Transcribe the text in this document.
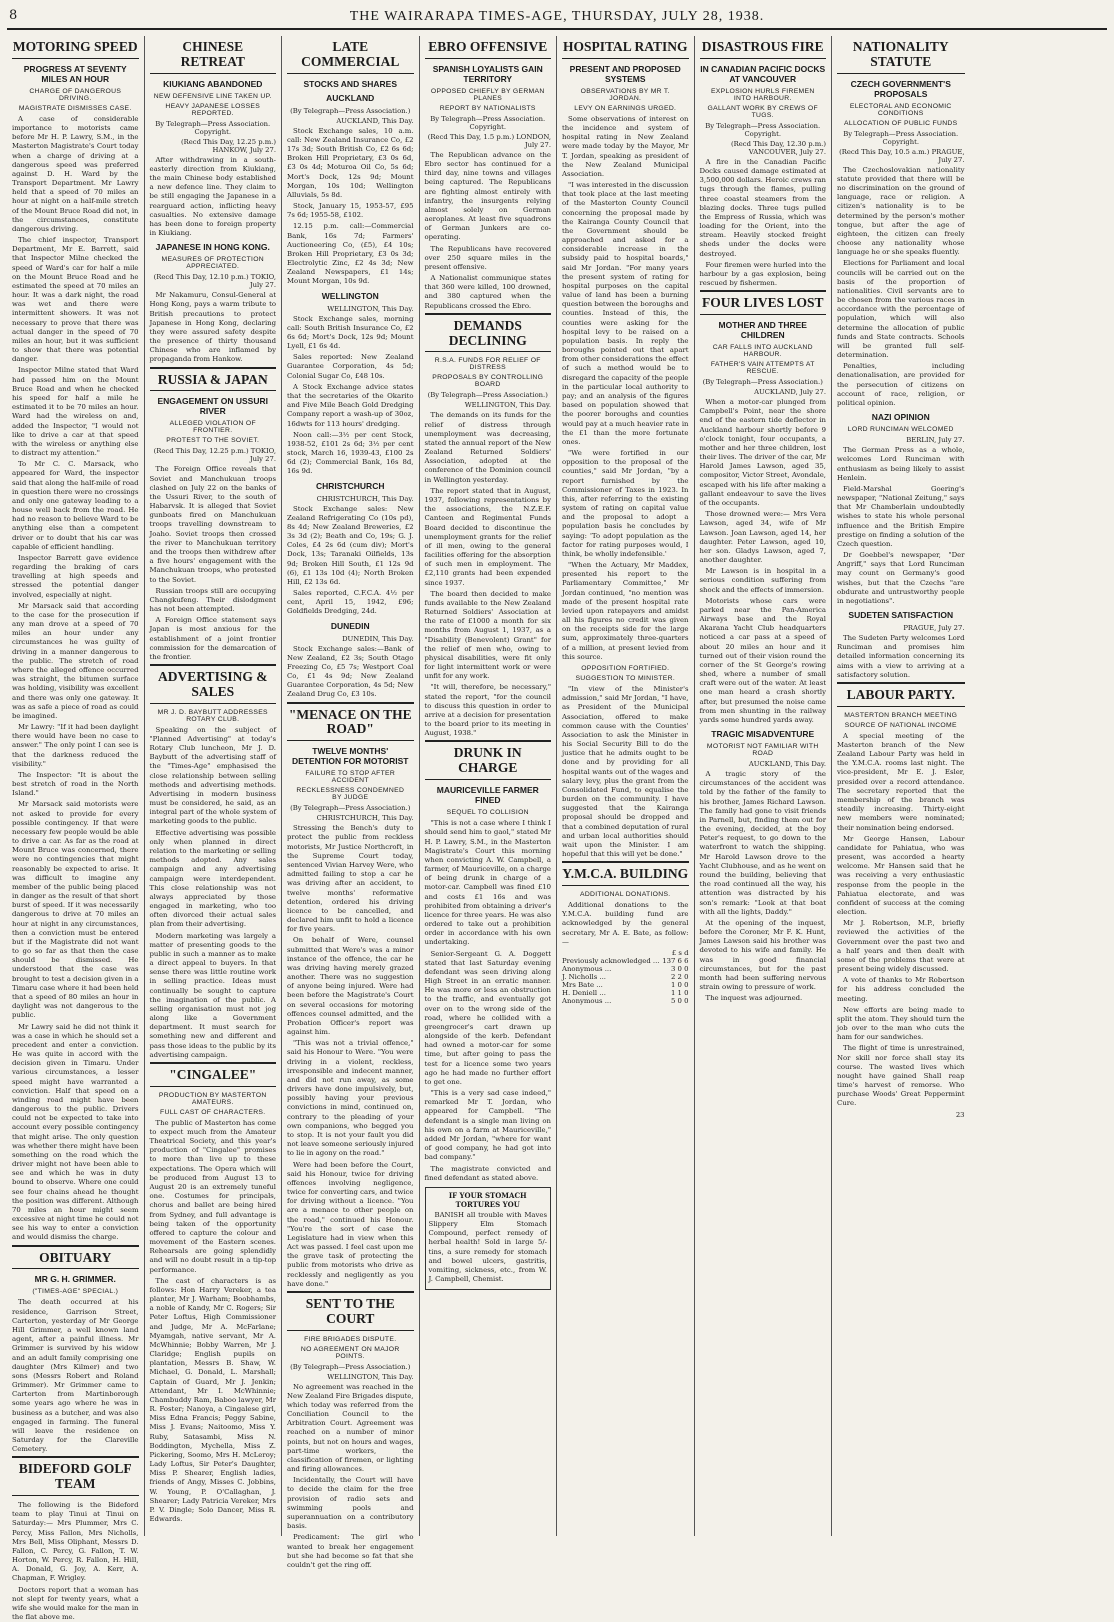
8	THE WAIRARAPA TIMES-AGE, THURSDAY, JULY 28, 1938.
MOTORING SPEED
PROGRESS AT SEVENTY MILES AN HOUR
CHARGE OF DANGEROUS DRIVING.
MAGISTRATE DISMISSES CASE.

A case of considerable importance to motorists came before Mr H. P. Lawry, S.M., in the Masterton Magistrate's Court today when a charge of driving at a dangerous speed was preferred against D. H. Ward by the Transport Department. Mr Lawry held that a speed of 70 miles an hour at night on a half-mile stretch of the Mount Bruce Road did not, in the circumstances, constitute dangerous driving.

The chief inspector, Transport Department, Mr E. Barrett, said that Inspector Milne checked the speed of Ward's car for half a mile on the Mount Bruce Road and he estimated the speed at 70 miles an hour. It was a dark night, the road was wet and there were intermittent showers. It was not necessary to prove that there was actual danger in the speed of 70 miles an hour, but it was sufficient to show that there was potential danger.

Inspector Milne stated that Ward had passed him on the Mount Bruce Road and when he checked his speed for half a mile he estimated it to be 70 miles an hour. Ward had the wireless on and, added the Inspector, "I would not like to drive a car at that speed with the wireless or anything else to distract my attention."

To Mr C. C. Marsack, who appeared for Ward, the inspector said that along the half-mile of road in question there were no crossings and only one gateway leading to a house well back from the road. He had no reason to believe Ward to be anything else than a competent driver or to doubt that his car was capable of efficient handling.

Inspector Barrett gave evidence regarding the braking of cars travelling at high speeds and stressed the potential danger involved, especially at night.

Mr Marsack said that according to the case for the prosecution if any man drove at a speed of 70 miles an hour under any circumstances he was guilty of driving in a manner dangerous to the public. The stretch of road where the alleged offence occurred was straight, the bitumen surface was holding, visibility was excellent and there was only one gateway. It was as safe a piece of road as could be imagined.

Mr Lawry: "If it had been daylight there would have been no case to answer." The only point I can see is that the darkness reduced the visibility."

The Inspector: "It is about the best stretch of road in the North Island."

Mr Marsack said motorists were not asked to provide for every possible contingency. If that were necessary few people would be able to drive a car. As far as the road at Mount Bruce was concerned, there were no contingencies that might reasonably be expected to arise. It was difficult to imagine any member of the public being placed in danger as the result of that short burst of speed. If it was necessarily dangerous to drive at 70 miles an hour at night in any circumstances, then a conviction must be entered but if the Magistrate did not want to go so far as that then the case should be dismissed. He understood that the case was brought to test a decision given in a Timaru case where it had been held that a speed of 80 miles an hour in daylight was not dangerous to the public.

Mr Lawry said he did not think it was a case in which he should set a precedent and enter a conviction. He was quite in accord with the decision given in Timaru. Under various circumstances, a lesser speed might have warranted a conviction. Half that speed on a winding road might have been dangerous to the public. Drivers could not be expected to take into account every possible contingency that might arise. The only question was whether there might have been something on the road which the driver might not have been able to see and which he was in duty bound to observe. Where one could see four chains ahead he thought the position was different. Although 70 miles an hour might seem excessive at night time he could not see his way to enter a conviction and would dismiss the charge.

OBITUARY
MR G. H. GRIMMER.
("TIMES-AGE" SPECIAL.)

The death occurred at his residence, Garrison Street, Carterton, yesterday of Mr George Hill Grimmer, a well known land agent, after a painful illness. Mr Grimmer is survived by his widow and an adult family comprising one daughter (Mrs Kilmer) and two sons (Messrs Robert and Roland Grimmer). Mr Grimmer came to Carterton from Martinborough some years ago where he was in business as a butcher, and was also engaged in farming. The funeral will leave the residence on Saturday for the Clareville Cemetery.

BIDEFORD GOLF TEAM

The following is the Bideford team to play Tinui at Tinui on Saturday:— Mrs Plummer, Mrs C. Percy, Miss Fallon, Mrs Nicholls, Mrs Bell, Miss Oliphant, Messrs D. Fallon, C. Percy, G. Fallon, T. W. Horton, W. Percy, R. Fallon, H. Hill, A. Donald, G. Joy, A. Kerr, A. Chapman, F. Wrigley.

Doctors report that a woman has not slept for twenty years, what a wife she would make for the man in the flat above me.

CHINESE RETREAT
KIUKIANG ABANDONED
NEW DEFENSIVE LINE TAKEN UP.
HEAVY JAPANESE LOSSES REPORTED.
By Telegraph—Press Association. Copyright.
(Recd This Day, 12.25 p.m.) HANKOW, July 27.

After withdrawing in a south-easterly direction from Kiukiang, the main Chinese body established a new defence line. They claim to be still engaging the Japanese in a rearguard action, inflicting heavy casualties. No extensive damage has been done to foreign property in Kiukiang.

JAPANESE IN HONG KONG.
MEASURES OF PROTECTION APPRECIATED.
(Recd This Day, 12.10 p.m.) TOKIO, July 27.

Mr Nakamuru, Consul-General at Hong Kong, pays a warm tribute to British precautions to protect Japanese in Hong Kong, declaring they were assured safety despite the presence of thirty thousand Chinese who are inflamed by propaganda from Hankow.

RUSSIA & JAPAN
ENGAGEMENT ON USSURI RIVER
ALLEGED VIOLATION OF FRONTIER.
PROTEST TO THE SOVIET.
(Recd This Day, 12.25 p.m.) TOKIO, July 27.

The Foreign Office reveals that Soviet and Manchukuan troops clashed on July 22 on the banks of the Ussuri River, to the south of Habarvsk. It is alleged that Soviet gunboats fired on Manchukuan troops travelling downstream to Joaho. Soviet troops then crossed the river to Manchukuan territory and the troops then withdrew after a five hours' engagement with the Manchukuan troops, who protested to the Soviet.

Russian troops still are occupying Changkufeng. Their dislodgment has not been attempted.

A Foreign Office statement says Japan is most anxious for the establishment of a joint frontier commission for the demarcation of the frontier.

ADVERTISING & SALES
MR J. D. BAYBUTT ADDRESSES ROTARY CLUB.

Speaking on the subject of "Planned Advertising" at today's Rotary Club luncheon, Mr J. D. Baybutt of the advertising staff of the "Times-Age" emphasised the close relationship between selling methods and advertising methods. Advertising in modern business must be considered, he said, as an integral part of the whole system of marketing goods to the public.

Effective advertising was possible only when planned in direct relation to the marketing or selling methods adopted. Any sales campaign and any advertising campaign were interdependent. This close relationship was not always appreciated by those engaged in marketing, who too often divorced their actual sales plan from their advertising.

Modern marketing was largely a matter of presenting goods to the public in such a manner as to make a direct appeal to buyers. In that sense there was little routine work in selling practice. Ideas must continually be sought to capture the imagination of the public. A selling organisation must not jog along like a Government department. It must search for something new and different and pass those ideas to the public by its advertising campaign.

"CINGALEE"
PRODUCTION BY MASTERTON AMATEURS.
FULL CAST OF CHARACTERS.

The public of Masterton has come to expect much from the Amateur Theatrical Society, and this year's production of "Cingalee" promises to more than live up to these expectations. The Opera which will be produced from August 13 to August 20 is an extremely tuneful one. Costumes for principals, chorus and ballet are being hired from Sydney, and full advantage is being taken of the opportunity offered to capture the colour and movement of the Eastern scenes. Rehearsals are going splendidly and will no doubt result in a tip-top performance.

The cast of characters is as follows: Hon Harry Vereker, a tea planter, Mr J. Warham; Boobhambs, a noble of Kandy, Mr C. Rogers; Sir Peter Loftus, High Commissioner and Judge, Mr A. McFarlane; Myamgah, native servant, Mr A. McWhinnie; Bobby Warren, Mr J. Claridge; English pupils on plantation, Messrs B. Shaw, W. Michael, G. Donald, L. Marshall; Captain of Guard, Mr J. Jenkin; Attendant, Mr I. McWhinnie; Chambuddy Ram, Baboo lawyer, Mr R. Foster; Nanoya, a Cingalese girl, Miss Edna Francis; Peggy Sabine, Miss J. Evans; Naitoomo, Miss Y. Ruby, Satasambi, Miss N. Boddington, Mychella, Miss Z. Pickering, Soomo, Mrs H. McLeroy; Lady Loftus, Sir Peter's Daughter, Miss P. Shearer, English ladies, friends of Angy, Misses C. Jobbins, W. Young, P. O'Callaghan, J. Shearer; Lady Patricia Vereker, Mrs P. V. Dingle; Solo Dancer, Miss R. Edwards.

LATE COMMERCIAL
STOCKS AND SHARES
AUCKLAND
(By Telegraph—Press Association.)
AUCKLAND, This Day.

Stock Exchange sales, 10 a.m. call: New Zealand Insurance Co, £2 17s 3d; South British Co, £2 6s 6d; Broken Hill Proprietary, £3 0s 6d, £3 0s 4d; Moturoa Oil Co, 5s 6d; Mort's Dock, 12s 9d; Mount Morgan, 10s 10d; Wellington Alluvials, 5s 8d.

Stock, January 15, 1953-57, £95 7s 6d; 1955-58, £102.

12.15 p.m. call:—Commercial Bank, 16s 7d; Farmers' Auctioneering Co, (£5), £4 10s; Broken Hill Proprietary, £3 0s 3d; Electrolytic Zinc, £2 4s 3d; New Zealand Newspapers, £1 14s; Mount Morgan, 10s 9d.

WELLINGTON
WELLINGTON, This Day.

Stock Exchange sales, morning call: South British Insurance Co, £2 6s 6d; Mort's Dock, 12s 9d; Mount Lyell, £1 6s 4d.

Sales reported: New Zealand Guarantee Corporation, 4s 5d; Colonial Sugar Co, £48 10s.

A Stock Exchange advice states that the secretaries of the Okarito and Five Mile Beach Gold Dredging Company report a wash-up of 30oz, 16dwts for 113 hours' dredging.

Noon call:—3½ per cent Stock, 1938-52, £101 2s 6d; 3½ per cent stock, March 16, 1939-43, £100 2s 6d (2); Commercial Bank, 16s 8d, 16s 9d.

CHRISTCHURCH
CHRISTCHURCH, This Day.

Stock Exchange sales: New Zealand Refrigerating Co (10s pd), 8s 4d; New Zealand Breweries, £2 3s 3d (2); Beath and Co, 19s; G. J. Coles, £4 2s 6d (cum div); Mort's Dock, 13s; Taranaki Oilfields, 13s 9d; Broken Hill South, £1 12s 9d (6), £1 13s 10d (4); North Broken Hill, £2 13s 6d.

Sales reported, C.F.C.A. 4½ per cent, April 15, 1942, £96; Goldfields Dredging, 24d.

DUNEDIN
DUNEDIN, This Day.

Stock Exchange sales:—Bank of New Zealand, £2 3s; South Otago Freezing Co, £5 7s; Westport Coal Co, £1 4s 9d; New Zealand Guarantee Corporation, 4s 5d; New Zealand Drug Co, £3 10s.

"MENACE ON THE ROAD"
TWELVE MONTHS' DETENTION FOR MOTORIST
FAILURE TO STOP AFTER ACCIDENT
RECKLESSNESS CONDEMNED BY JUDGE
(By Telegraph—Press Association.)
CHRISTCHURCH, This Day.

Stressing the Bench's duty to protect the public from reckless motorists, Mr Justice Northcroft, in the Supreme Court today, sentenced Vivian Harvey Were, who admitted failing to stop a car he was driving after an accident, to twelve months' reformative detention, ordered his driving licence to be cancelled, and declared him unfit to hold a licence for five years.

On behalf of Were, counsel submitted that Were's was a minor instance of the offence, the car he was driving having merely grazed another. There was no suggestion of anyone being injured. Were had been before the Magistrate's Court on several occasions for motoring offences counsel admitted, and the Probation Officer's report was against him.

"This was not a trivial offence," said his Honour to Were. "You were driving in a violent, reckless, irresponsible and indecent manner, and did not run away, as some drivers have done impulsively, but, possibly having your previous convictions in mind, continued on, contrary to the pleading of your own companions, who begged you to stop. It is not your fault you did not leave someone seriously injured to lie in agony on the road."

Were had been before the Court, said his Honour, twice for driving offences involving negligence, twice for converting cars, and twice for driving without a licence. "You are a menace to other people on the road," continued his Honour. "You're the sort of case the Legislature had in view when this Act was passed. I feel cast upon me the grave task of protecting the public from motorists who drive as recklessly and negligently as you have done."

SENT TO THE COURT
FIRE BRIGADES DISPUTE.
NO AGREEMENT ON MAJOR POINTS.
(By Telegraph—Press Association.)
WELLINGTON, This Day.

No agreement was reached in the New Zealand Fire Brigades dispute, which today was referred from the Conciliation Council to the Arbitration Court. Agreement was reached on a number of minor points, but not on hours and wages, part-time workers, the classification of firemen, or lighting and firing allowances.

Incidentally, the Court will have to decide the claim for the free provision of radio sets and swimming pools and superannuation on a contributory basis.

Predicament: The girl who wanted to break her engagement but she had become so fat that she couldn't get the ring off.

EBRO OFFENSIVE
SPANISH LOYALISTS GAIN TERRITORY
OPPOSED CHIEFLY BY GERMAN PLANES
REPORT BY NATIONALISTS
By Telegraph—Press Association. Copyright.
(Recd This Day, 1.5 p.m.) LONDON, July 27.

The Republican advance on the Ebro sector has continued for a third day, nine towns and villages being captured. The Republicans are fighting almost entirely with infantry, the insurgents relying almost solely on German aeroplanes. At least five squadrons of German Junkers are co-operating.

The Republicans have recovered over 250 square miles in the present offensive.

A Nationalist communique states that 360 were killed, 100 drowned, and 380 captured when the Republicans crossed the Ebro.

DEMANDS DECLINING
R.S.A. FUNDS FOR RELIEF OF DISTRESS
PROPOSALS BY CONTROLLING BOARD
(By Telegraph—Press Association.)
WELLINGTON, This Day.

The demands on its funds for the relief of distress through unemployment was decreasing, stated the annual report of the New Zealand Returned Soldiers' Association, adopted at the conference of the Dominion council in Wellington yesterday.

The report stated that in August, 1937, following representations by the associations, the N.Z.E.F. Canteen and Regimental Funds Board decided to discontinue the unemployment grants for the relief of ill men, owing to the general facilities offering for the absorption of such men in employment. The £2,110 grants had been expended since 1937.

The board then decided to make funds available to the New Zealand Returned Soldiers' Association at the rate of £1000 a month for six months from August 1, 1937, as a "Disability (Benevolent) Grant" for the relief of men who, owing to physical disabilities, were fit only for light intermittent work or were unfit for any work.

"It will, therefore, be necessary," stated the report, "for the council to discuss this question in order to arrive at a decision for presentation to the board prior to its meeting in August, 1938."

DRUNK IN CHARGE
MAURICEVILLE FARMER FINED
SEQUEL TO COLLISION

"This is not a case where I think I should send him to gaol," stated Mr H. P. Lawry, S.M., in the Masterton Magistrate's Court this morning when convicting A. W. Campbell, a farmer, of Mauriceville, on a charge of being drunk in charge of a motor-car. Campbell was fined £10 and costs £1 16s and was prohibited from obtaining a driver's licence for three years. He was also ordered to take out a prohibition order in accordance with his own undertaking.

Senior-Sergeant G. A. Doggett stated that last Saturday evening defendant was seen driving along High Street in an erratic manner. He was more or less an obstruction to the traffic, and eventually got over on to the wrong side of the road, where he collided with a greengrocer's cart drawn up alongside of the kerb. Defendant had owned a motor-car for some time, but after going to pass the test for a licence some two years ago he had made no further effort to get one.

"This is a very sad case indeed," remarked Mr T. Jordan, who appeared for Campbell. "The defendant is a single man living on his own on a farm at Mauriceville," added Mr Jordan, "where for want of good company, he had got into bad company."

The magistrate convicted and fined defendant as stated above.

IF YOUR STOMACH TORTURES YOU

BANISH all trouble with Maves Slippery Elm Stomach Compound, perfect remedy of herbal health! Sold in large 5/- tins, a sure remedy for stomach and bowel ulcers, gastritis, vomiting, sickness, etc., from W. J. Campbell, Chemist.

HOSPITAL RATING
PRESENT AND PROPOSED SYSTEMS
OBSERVATIONS BY MR T. JORDAN.
LEVY ON EARNINGS URGED.

Some observations of interest on the incidence and system of hospital rating in New Zealand were made today by the Mayor, Mr T. Jordan, speaking as president of the New Zealand Municipal Association.

"I was interested in the discussion that took place at the last meeting of the Masterton County Council concerning the proposal made by the Kairanga County Council that the Government should be approached and asked for a considerable increase in the subsidy paid to hospital boards," said Mr Jordan. "For many years the present system of rating for hospital purposes on the capital value of land has been a burning question between the boroughs and counties. Instead of this, the counties were asking for the hospital levy to be raised on a population basis. In reply the boroughs pointed out that apart from other considerations the effect of such a method would be to disregard the capacity of the people in the particular local authority to pay; and an analysis of the figures based on population showed that the poorer boroughs and counties would pay at a much heavier rate in the £1 than the more fortunate ones.

"We were fortified in our opposition to the proposal of the counties," said Mr Jordan, "by a report furnished by the Commissioner of Taxes in 1923. In this, after referring to the existing system of rating on capital value and the proposal to adopt a population basis he concludes by saying: 'To adopt population as the factor for rating purposes would, I think, be wholly indefensible.'

"When the Actuary, Mr Maddex, presented his report to the Parliamentary Committee," Mr Jordan continued, "no mention was made of the present hospital rate levied upon ratepayers and amidst all his figures no credit was given on the receipts side for the large sum, approximately three-quarters of a million, at present levied from this source.

OPPOSITION FORTIFIED.
SUGGESTION TO MINISTER.

"In view of the Minister's admission," said Mr Jordan, "I have, as President of the Municipal Association, offered to make common cause with the Counties' Association to ask the Minister in his Social Security Bill to do the justice that he admits ought to be done and by providing for all hospital wants out of the wages and salary levy, plus the grant from the Consolidated Fund, to equalise the burden on the community. I have suggested that the Kairanga proposal should be dropped and that a combined deputation of rural and urban local authorities should wait upon the Minister. I am hopeful that this will yet be done."

Y.M.C.A. BUILDING
ADDITIONAL DONATIONS.

Additional donations to the Y.M.C.A. building fund are acknowledged by the general secretary, Mr A. E. Bate, as follow:—

	£ s d
Previously acknowledged ...	137 6 6
Anonymous ...	3 0 0
J. Nicholls ...	2 2 0
Mrs Bate ...	1 0 0
H. Deniell ...	1 1 0
Anonymous ...	5 0 0
DISASTROUS FIRE
IN CANADIAN PACIFIC DOCKS AT VANCOUVER
EXPLOSION HURLS FIREMEN INTO HARBOUR.
GALLANT WORK BY CREWS OF TUGS.
By Telegraph—Press Association. Copyright.
(Recd This Day, 12.30 p.m.) VANCOUVER, July 27.

A fire in the Canadian Pacific Docks caused damage estimated at 3,500,000 dollars. Heroic crews ran tugs through the flames, pulling three coastal steamers from the blazing docks. Three tugs pulled the Empress of Russia, which was loading for the Orient, into the stream. Heavily stocked freight sheds under the docks were destroyed.

Four firemen were hurled into the harbour by a gas explosion, being rescued by fishermen.

FOUR LIVES LOST
MOTHER AND THREE CHILDREN
CAR FALLS INTO AUCKLAND HARBOUR.
FATHER'S VAIN ATTEMPTS AT RESCUE.
(By Telegraph—Press Association.)
AUCKLAND, July 27.

When a motor-car plunged from Campbell's Point, near the shore end of the eastern tide deflector in Auckland harbour shortly before 9 o'clock tonight, four occupants, a mother and her three children, lost their lives. The driver of the car, Mr Harold James Lawson, aged 35, compositor, Victor Street, Avondale, escaped with his life after making a gallant endeavour to save the lives of the occupants.

Those drowned were:— Mrs Vera Lawson, aged 34, wife of Mr Lawson. Joan Lawson, aged 14, her daughter. Peter Lawson, aged 10, her son. Gladys Lawson, aged 7, another daughter.

Mr Lawson is in hospital in a serious condition suffering from shock and the effects of immersion.

Motorists whose cars were parked near the Pan-America Airways base and the Royal Akarana Yacht Club headquarters noticed a car pass at a speed of about 20 miles an hour and it turned out of their vision round the corner of the St George's rowing shed, where a number of small craft were out of the water. At least one man heard a crash shortly after, but presumed the noise came from men shunting in the railway yards some hundred yards away.

TRAGIC MISADVENTURE
MOTORIST NOT FAMILIAR WITH ROAD
AUCKLAND, This Day.

A tragic story of the circumstances of the accident was told by the father of the family to his brother, James Richard Lawson. The family had gone to visit friends in Parnell, but, finding them out for the evening, decided, at the boy Peter's request, to go down to the waterfront to watch the shipping. Mr Harold Lawson drove to the Yacht Clubhouse, and as he went on round the building, believing that the road continued all the way, his attention was distracted by his son's remark: "Look at that boat with all the lights, Daddy."

At the opening of the inquest, before the Coroner, Mr F. K. Hunt, James Lawson said his brother was devoted to his wife and family. He was in good financial circumstances, but for the past month had been suffering nervous strain owing to pressure of work.

The inquest was adjourned.

NATIONALITY STATUTE
CZECH GOVERNMENT'S PROPOSALS
ELECTORAL AND ECONOMIC CONDITIONS
ALLOCATION OF PUBLIC FUNDS
By Telegraph—Press Association. Copyright.
(Recd This Day, 10.5 a.m.) PRAGUE, July 27.

The Czechoslovakian nationality statute provided that there will be no discrimination on the ground of language, race or religion. A citizen's nationality is to be determined by the person's mother tongue, but after the age of eighteen, the citizen can freely choose any nationality whose language he or she speaks fluently.

Elections for Parliament and local councils will be carried out on the basis of the proportion of nationalities. Civil servants are to be chosen from the various races in accordance with the percentage of population, which will also determine the allocation of public funds and State contracts. Schools will be granted full self-determination.

Penalties, including denationalisation, are provided for the persecution of citizens on account of race, religion, or political opinion.

NAZI OPINION
LORD RUNCIMAN WELCOMED
BERLIN, July 27.

The German Press as a whole, welcomes Lord Runciman with enthusiasm as being likely to assist Henlein.

Field-Marshal Goering's newspaper, "National Zeitung," says that Mr Chamberlain undoubtedly wishes to state his whole personal influence and the British Empire prestige on finding a solution of the Czech question.

Dr Goebbel's newspaper, "Der Angriff," says that Lord Runciman may count on Germany's good wishes, but that the Czechs "are obdurate and untrustworthy people in negotiations".

SUDETEN SATISFACTION
PRAGUE, July 27.

The Sudeten Party welcomes Lord Runciman and promises him detailed information concerning its aims with a view to arriving at a satisfactory solution.

LABOUR PARTY.
MASTERTON BRANCH MEETING
SOURCE OF NATIONAL INCOME

A special meeting of the Masterton branch of the New Zealand Labour Party was held in the Y.M.C.A. rooms last night. The vice-president, Mr E. J. Esler, presided over a record attendance. The secretary reported that the membership of the branch was steadily increasing. Thirty-eight new members were nominated; their nomination being endorsed.

Mr George Hansen, Labour candidate for Pahiatua, who was present, was accorded a hearty welcome. Mr Hansen said that he was receiving a very enthusiastic response from the people in the Pahiatua electorate, and was confident of success at the coming election.

Mr J. Robertson, M.P., briefly reviewed the activities of the Government over the past two and a half years and then dealt with some of the problems that were at present being widely discussed.

A vote of thanks to Mr Robertson for his address concluded the meeting.

New efforts are being made to split the atom. They should turn the job over to the man who cuts the ham for our sandwiches.

The flight of time is unrestrained, Nor skill nor force shall stay its course. The wasted lives which nought have gained Shall reap time's harvest of remorse. Who purchase Woods' Great Peppermint Cure.

23
